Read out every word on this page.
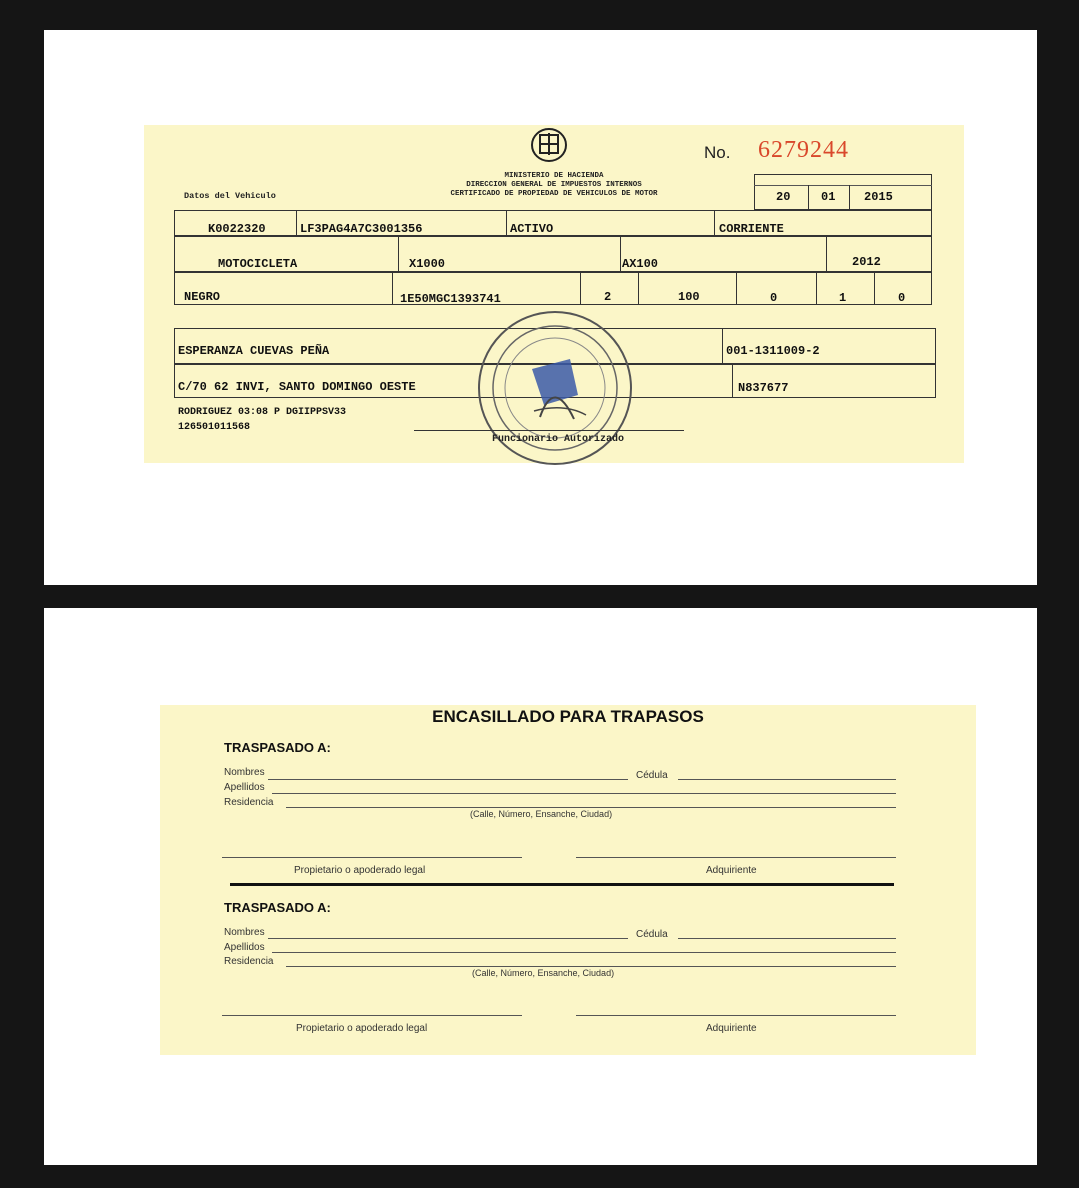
MINISTERIO DE HACIENDA
DIRECCION GENERAL DE IMPUESTOS INTERNOS
CERTIFICADO DE PROPIEDAD DE VEHICULOS DE MOTOR
Datos del Vehiculo
No. 6279244
20	01 2015
K0022320	LF3PAG4A7C3001356	ACTIVO	CORRIENTE
MOTOCICLETA	X1000	AX100	2012
NEGRO	1E50MGC1393741	2	100	0	1	0
ESPERANZA CUEVAS PEÑA	001-1311009-2
C/70 62 INVI, SANTO DOMINGO OESTE	N837677
RODRIGUEZ 03:08 P DGIIPPSV33
126501011568
Funcionario Autorizado
ENCASILLADO PARA TRAPASOS
TRASPASADO A:
Nombres	Cédula
Apellidos
Residencia
(Calle, Número, Ensanche, Ciudad)
Propietario o apoderado legal	Adquiriente
TRASPASADO A:
Nombres	Cédula
Apellidos
Residencia
(Calle, Número, Ensanche, Ciudad)
Propietario o apoderado legal	Adquiriente
